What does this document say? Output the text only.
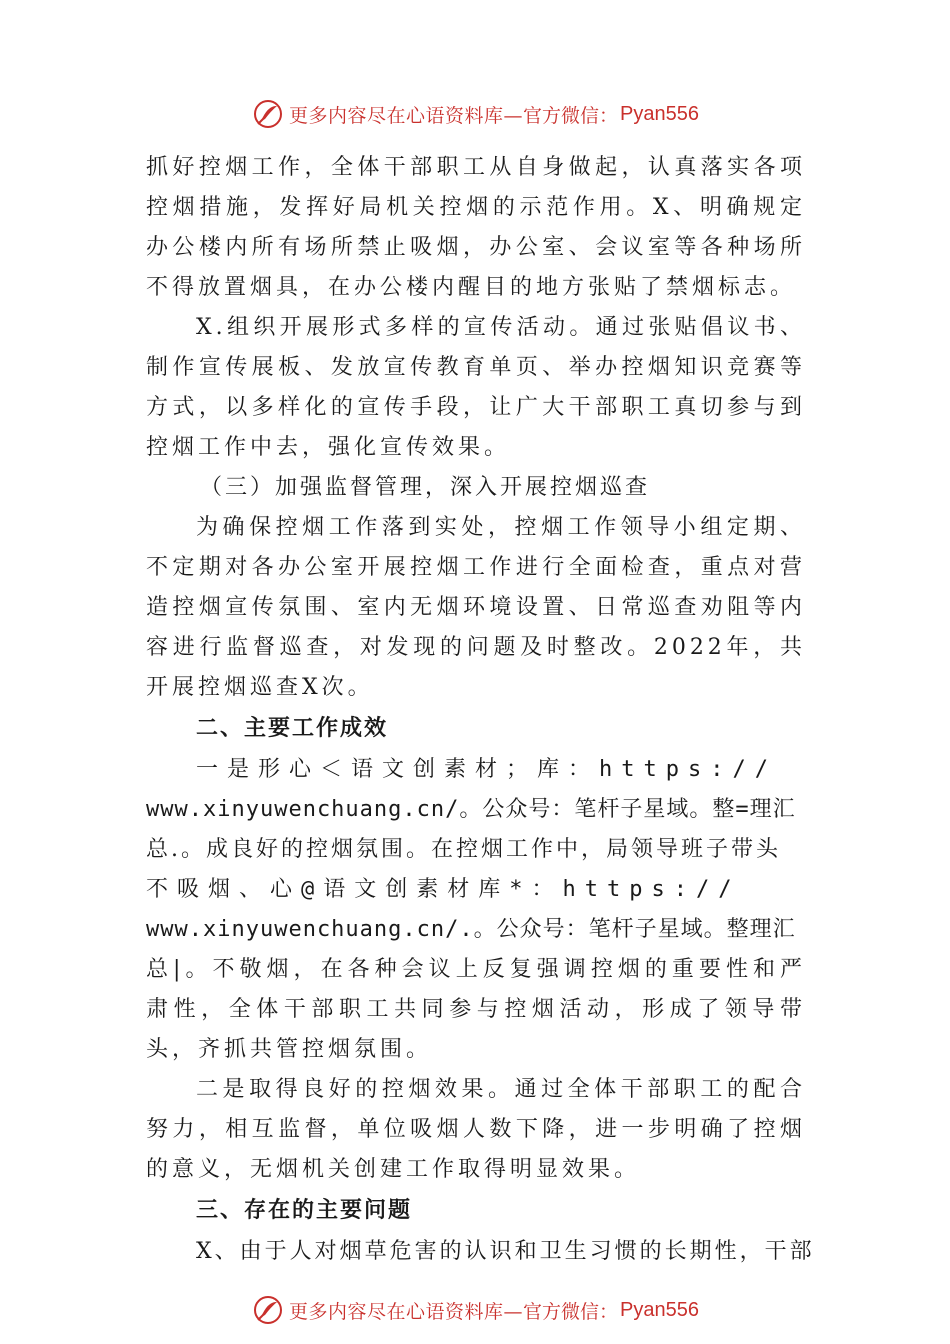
更多内容尽在心语资料库— 官方微信： Pyan556

抓好控烟工作，全体干部职工从自身做起，认真落实各项控烟措施，发挥好局机关控烟的示范作用。X、明确规定办公楼内所有场所禁止吸烟，办公室、会议室等各种场所不得放置烟具，在办公楼内醒目的地方张贴了禁烟标志。

X.组织开展形式多样的宣传活动。通过张贴倡议书、制作宣传展板、发放宣传教育单页、举办控烟知识竞赛等方式，以多样化的宣传手段，让广大干部职工真切参与到控烟工作中去，强化宣传效果。

（三）加强监督管理，深入开展控烟巡查

为确保控烟工作落到实处，控烟工作领导小组定期、不定期对各办公室开展控烟工作进行全面检查，重点对营造控烟宣传氛围、室内无烟环境设置、日常巡查劝阻等内容进行监督巡查，对发现的问题及时整改。2022年，共开展控烟巡查X次。

二、主要工作成效

一是形心＜语文创素材；库：https://

www.xinyuwenchuang.cn/。公众号：笔杆子星域。整=理汇

总.。成良好的控烟氛围。在控烟工作中，局领导班子带头

不吸烟、心@语文创素材库*：https://

www.xinyuwenchuang.cn/.。公众号：笔杆子星域。整理汇

总|。不敬烟，在各种会议上反复强调控烟的重要性和严肃性，全体干部职工共同参与控烟活动，形成了领导带头，齐抓共管控烟氛围。

二是取得良好的控烟效果。通过全体干部职工的配合努力，相互监督，单位吸烟人数下降，进一步明确了控烟的意义，无烟机关创建工作取得明显效果。

三、存在的主要问题

X、由于人对烟草危害的认识和卫生习惯的长期性，干部

更多内容尽在心语资料库— 官方微信： Pyan556
